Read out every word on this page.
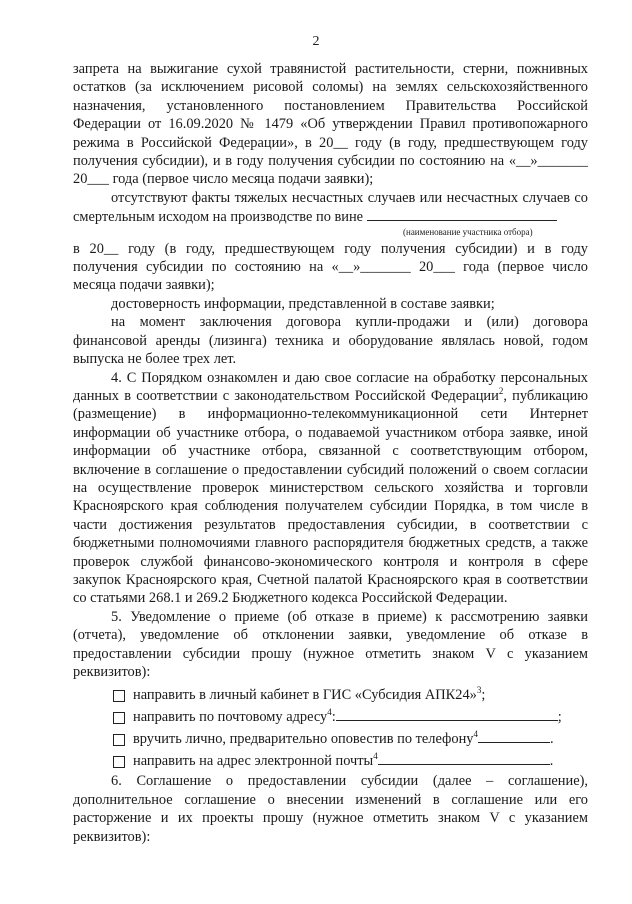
2

запрета на выжигание сухой травянистой растительности, стерни, пожнивных остатков (за исключением рисовой соломы) на землях сельскохозяйственного назначения, установленного постановлением Правительства Российской Федерации от 16.09.2020 № 1479 «Об утверждении Правил противопожарного режима в Российской Федерации», в 20__ году (в году, предшествующем году получения субсидии), и в году получения субсидии по состоянию на «__»_______ 20___ года (первое число месяца подачи заявки);

отсутствуют факты тяжелых несчастных случаев или несчастных случаев со смертельным исходом на производстве по вине

(наименование участника отбора)

в 20__ году (в году, предшествующем году получения субсидии) и в году получения субсидии по состоянию на «__»_______ 20___ года (первое число месяца подачи заявки);

достоверность информации, представленной в составе заявки;

на момент заключения договора купли-продажи и (или) договора финансовой аренды (лизинга) техника и оборудование являлась новой, годом выпуска не более трех лет.

4. С Порядком ознакомлен и даю свое согласие на обработку персональных данных в соответствии с законодательством Российской Федерации$^2$, публикацию (размещение) в информационно-телекоммуникационной сети Интернет информации об участнике отбора, о подаваемой участником отбора заявке, иной информации об участнике отбора, связанной с соответствующим отбором, включение в соглашение о предоставлении субсидий положений о своем согласии на осуществление проверок министерством сельского хозяйства и торговли Красноярского края соблюдения получателем субсидии Порядка, в том числе в части достижения результатов предоставления субсидии, в соответствии с бюджетными полномочиями главного распорядителя бюджетных средств, а также проверок службой финансово-экономического контроля и контроля в сфере закупок Красноярского края, Счетной палатой Красноярского края в соответствии со статьями 268.1 и 269.2 Бюджетного кодекса Российской Федерации.

5. Уведомление о приеме (об отказе в приеме) к рассмотрению заявки (отчета), уведомление об отклонении заявки, уведомление об отказе в предоставлении субсидии прошу (нужное отметить знаком V с указанием реквизитов):

направить в личный кабинет в ГИС «Субсидия АПК24»$^3$;
направить по почтовому адресу$^4$:	;
вручить лично, предварительно оповестив по телефону$^4$	.
направить на адрес электронной почты$^4$	.

6. Соглашение о предоставлении субсидии (далее – соглашение), дополнительное соглашение о внесении изменений в соглашение или его расторжение и их проекты прошу (нужное отметить знаком V с указанием реквизитов):
